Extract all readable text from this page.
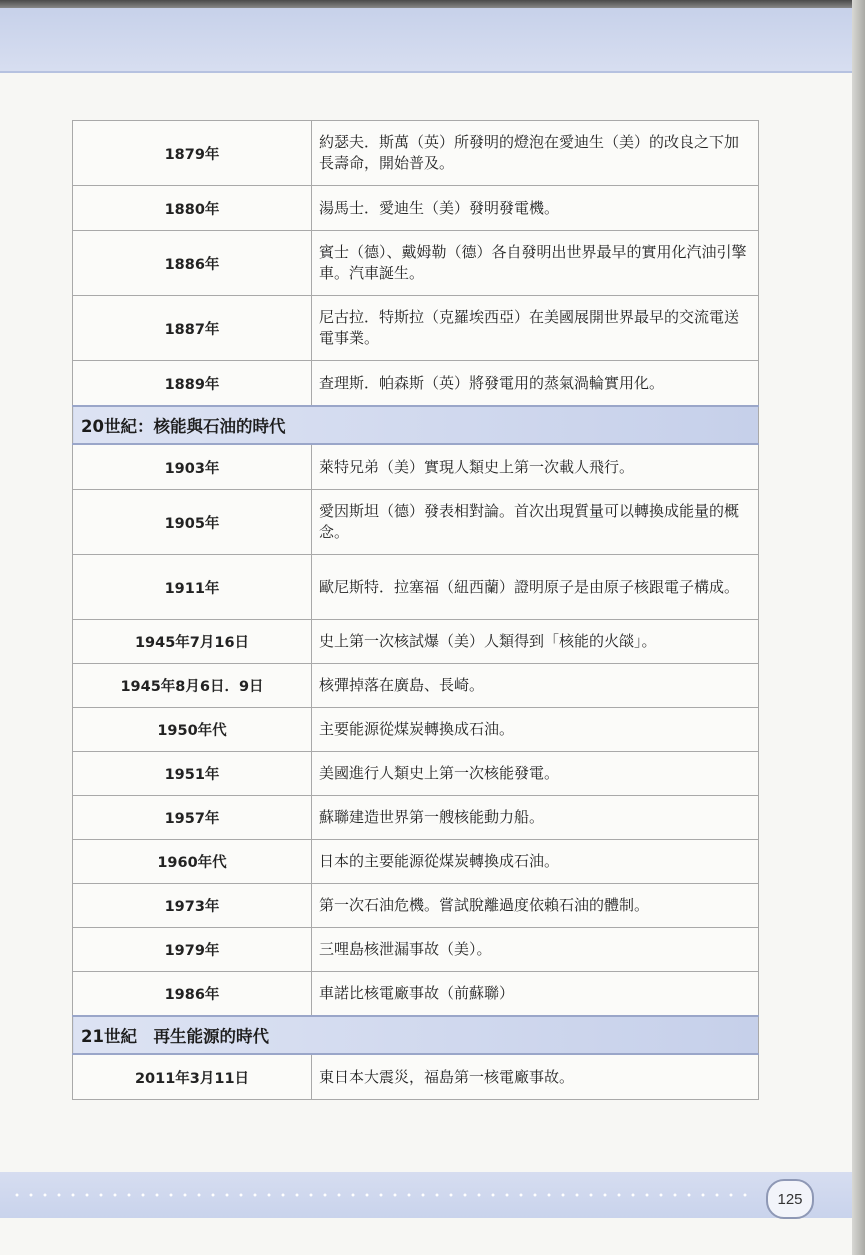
1879年	約瑟夫．斯萬（英）所發明的燈泡在愛迪生（美）的改良之下加長壽命，開始普及。
1880年	湯馬士．愛迪生（美）發明發電機。
1886年	賓士（德）、戴姆勒（德）各自發明出世界最早的實用化汽油引擎車。汽車誕生。
1887年	尼古拉．特斯拉（克羅埃西亞）在美國展開世界最早的交流電送電事業。
1889年	查理斯．帕森斯（英）將發電用的蒸氣渦輪實用化。
20世紀：核能與石油的時代	
1903年	萊特兄弟（美）實現人類史上第一次載人飛行。
1905年	愛因斯坦（德）發表相對論。首次出現質量可以轉換成能量的概念。
1911年	歐尼斯特．拉塞福（紐西蘭）證明原子是由原子核跟電子構成。
1945年7月16日	史上第一次核試爆（美）人類得到「核能的火燄」。
1945年8月6日．9日	核彈掉落在廣島、長崎。
1950年代	主要能源從煤炭轉換成石油。
1951年	美國進行人類史上第一次核能發電。
1957年	蘇聯建造世界第一艘核能動力船。
1960年代	日本的主要能源從煤炭轉換成石油。
1973年	第一次石油危機。嘗試脫離過度依賴石油的體制。
1979年	三哩島核泄漏事故（美）。
1986年	車諾比核電廠事故（前蘇聯）
21世紀　再生能源的時代	
2011年3月11日	東日本大震災，福島第一核電廠事故。
125
